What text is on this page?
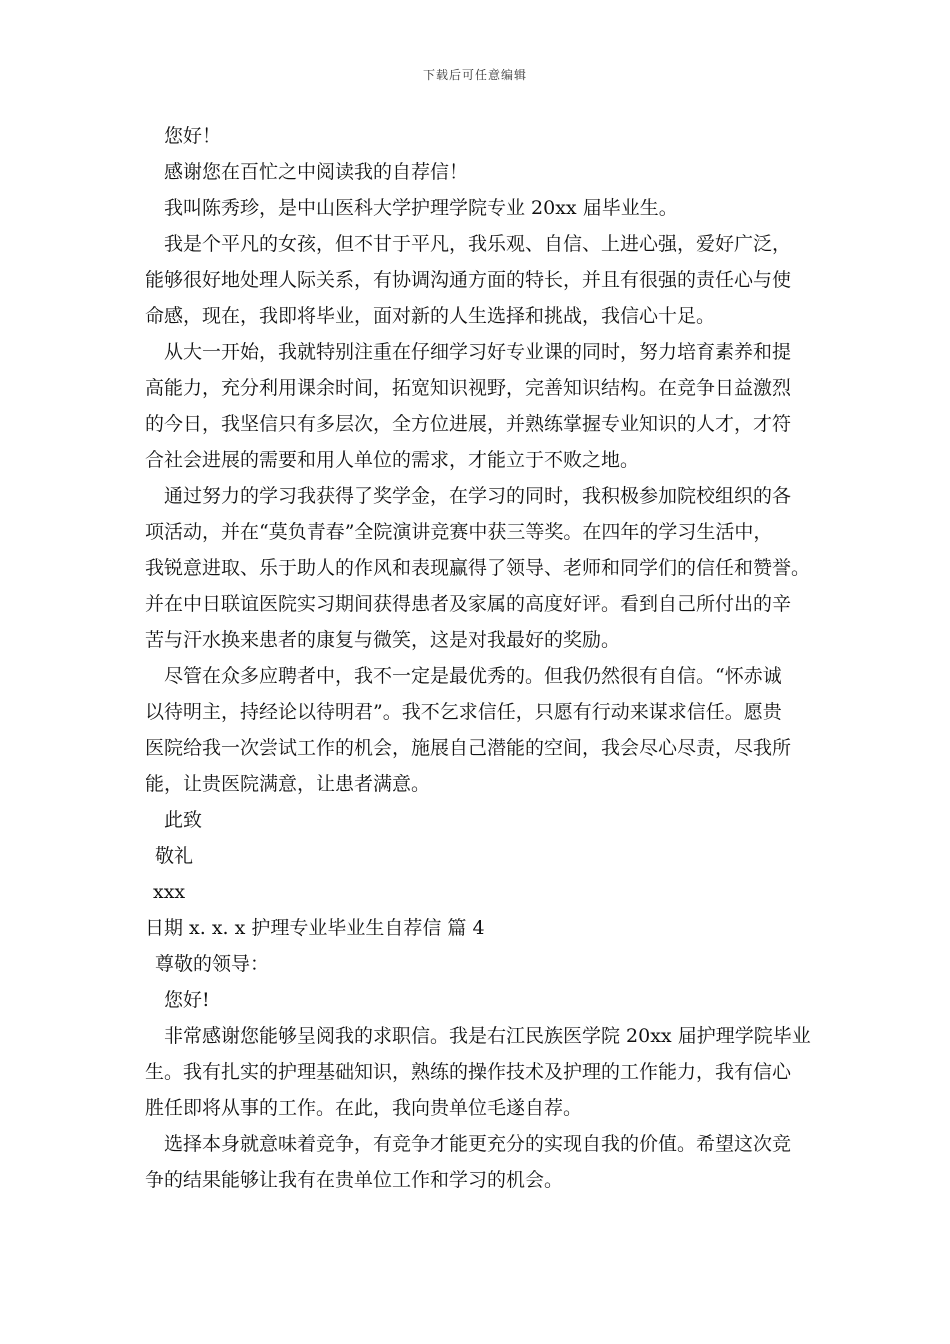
下载后可任意编辑
您好！
感谢您在百忙之中阅读我的自荐信！
我叫陈秀珍，是中山医科大学护理学院专业 20xx 届毕业生。
我是个平凡的女孩，但不甘于平凡，我乐观、自信、上进心强，爱好广泛，
能够很好地处理人际关系，有协调沟通方面的特长，并且有很强的责任心与使
命感，现在，我即将毕业，面对新的人生选择和挑战，我信心十足。
从大一开始，我就特别注重在仔细学习好专业课的同时，努力培育素养和提
高能力，充分利用课余时间，拓宽知识视野，完善知识结构。在竞争日益激烈
的今日，我坚信只有多层次，全方位进展，并熟练掌握专业知识的人才，才符
合社会进展的需要和用人单位的需求，才能立于不败之地。
通过努力的学习我获得了奖学金，在学习的同时，我积极参加院校组织的各
项活动，并在“莫负青春”全院演讲竞赛中获三等奖。在四年的学习生活中，
我锐意进取、乐于助人的作风和表现赢得了领导、老师和同学们的信任和赞誉。
并在中日联谊医院实习期间获得患者及家属的高度好评。看到自己所付出的辛
苦与汗水换来患者的康复与微笑，这是对我最好的奖励。
尽管在众多应聘者中，我不一定是最优秀的。但我仍然很有自信。“怀赤诚
以待明主，持经论以待明君”。我不乞求信任，只愿有行动来谋求信任。愿贵
医院给我一次尝试工作的机会，施展自己潜能的空间，我会尽心尽责，尽我所
能，让贵医院满意，让患者满意。
此致
敬礼
xxx
日期 x. x. x 护理专业毕业生自荐信 篇 4
尊敬的领导：
您好!
非常感谢您能够呈阅我的求职信。我是右江民族医学院 20xx 届护理学院毕业
生。我有扎实的护理基础知识，熟练的操作技术及护理的工作能力，我有信心
胜任即将从事的工作。在此，我向贵单位毛遂自荐。
选择本身就意味着竞争，有竞争才能更充分的实现自我的价值。希望这次竞
争的结果能够让我有在贵单位工作和学习的机会。
